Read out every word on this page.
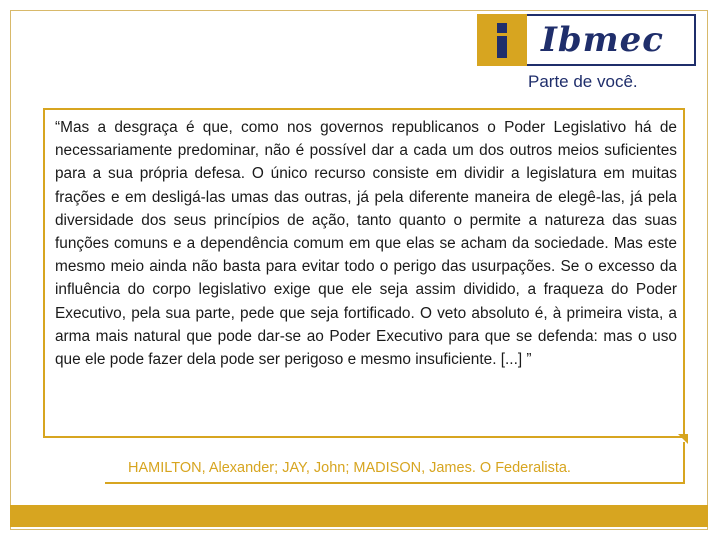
Ibmec
Parte de você.

“Mas a desgraça é que, como nos governos republicanos o Poder Legislativo há de necessariamente predominar, não é possível dar a cada um dos outros meios suficientes para a sua própria defesa. O único recurso consiste em dividir a legislatura em muitas frações e em desligá-las umas das outras, já pela diferente maneira de elegê-las, já pela diversidade dos seus princípios de ação, tanto quanto o permite a natureza das suas funções comuns e a dependência comum em que elas se acham da sociedade. Mas este mesmo meio ainda não basta para evitar todo o perigo das usurpações. Se o excesso da influência do corpo legislativo exige que ele seja assim dividido, a fraqueza do Poder Executivo, pela sua parte, pede que seja fortificado. O veto absoluto é, à primeira vista, a arma mais natural que pode dar-se ao Poder Executivo para que se defenda: mas o uso que ele pode fazer dela pode ser perigoso e mesmo insuficiente. [...] ”

HAMILTON, Alexander; JAY, John; MADISON, James. O Federalista.
